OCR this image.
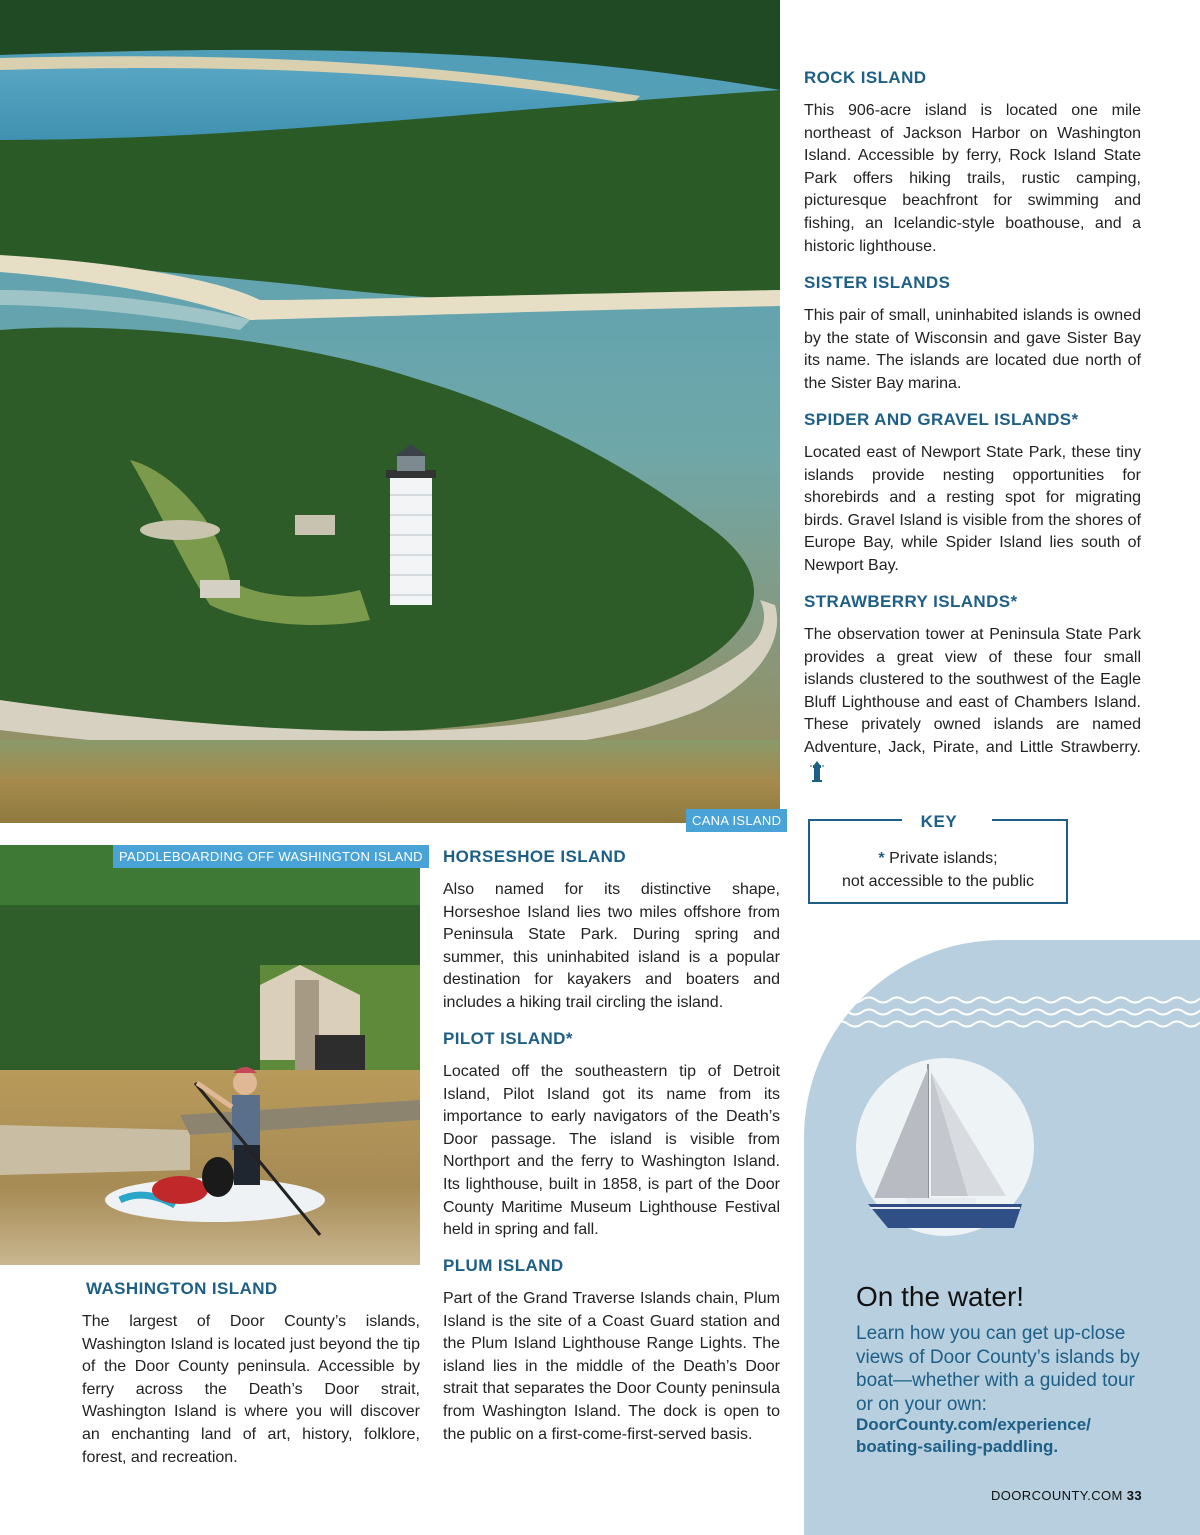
CANA ISLAND
PADDLEBOARDING OFF WASHINGTON ISLAND
ROCK ISLAND

This 906-acre island is located one mile northeast of Jackson Harbor on Washington Island. Accessible by ferry, Rock Island State Park offers hiking trails, rustic camping, picturesque beachfront for swimming and fishing, an Icelandic-style boathouse, and a historic lighthouse.

SISTER ISLANDS

This pair of small, uninhabited islands is owned by the state of Wisconsin and gave Sister Bay its name. The islands are located due north of the Sister Bay marina.

SPIDER AND GRAVEL ISLANDS*

Located east of Newport State Park, these tiny islands provide nesting opportunities for shorebirds and a resting spot for migrating birds. Gravel Island is visible from the shores of Europe Bay, while Spider Island lies south of Newport Bay.

STRAWBERRY ISLANDS*

The observation tower at Peninsula State Park provides a great view of these four small islands clustered to the southwest of the Eagle Bluff Lighthouse and east of Chambers Island. These privately owned islands are named Adventure, Jack, Pirate, and Little Strawberry.

KEY
* Private islands;
not accessible to the public
HORSESHOE ISLAND

Also named for its distinctive shape, Horseshoe Island lies two miles offshore from Peninsula State Park. During spring and summer, this uninhabited island is a popular destination for kayakers and boaters and includes a hiking trail circling the island.

PILOT ISLAND*

Located off the southeastern tip of Detroit Island, Pilot Island got its name from its importance to early navigators of the Death’s Door passage. The island is visible from Northport and the ferry to Washington Island. Its lighthouse, built in 1858, is part of the Door County Maritime Museum Lighthouse Festival held in spring and fall.

PLUM ISLAND

Part of the Grand Traverse Islands chain, Plum Island is the site of a Coast Guard station and the Plum Island Lighthouse Range Lights. The island lies in the middle of the Death’s Door strait that separates the Door County peninsula from Washington Island. The dock is open to the public on a first-come-first-served basis.

WASHINGTON ISLAND

The largest of Door County’s islands, Washington Island is located just beyond the tip of the Door County peninsula. Accessible by ferry across the Death’s Door strait, Washington Island is where you will discover an enchanting land of art, history, folklore, forest, and recreation.

On the water!
Learn how you can get up-close views of Door County’s islands by boat—whether with a guided tour or on your own:
DoorCounty.com/experience/
boating-sailing-paddling.
DOORCOUNTY.COM 33
